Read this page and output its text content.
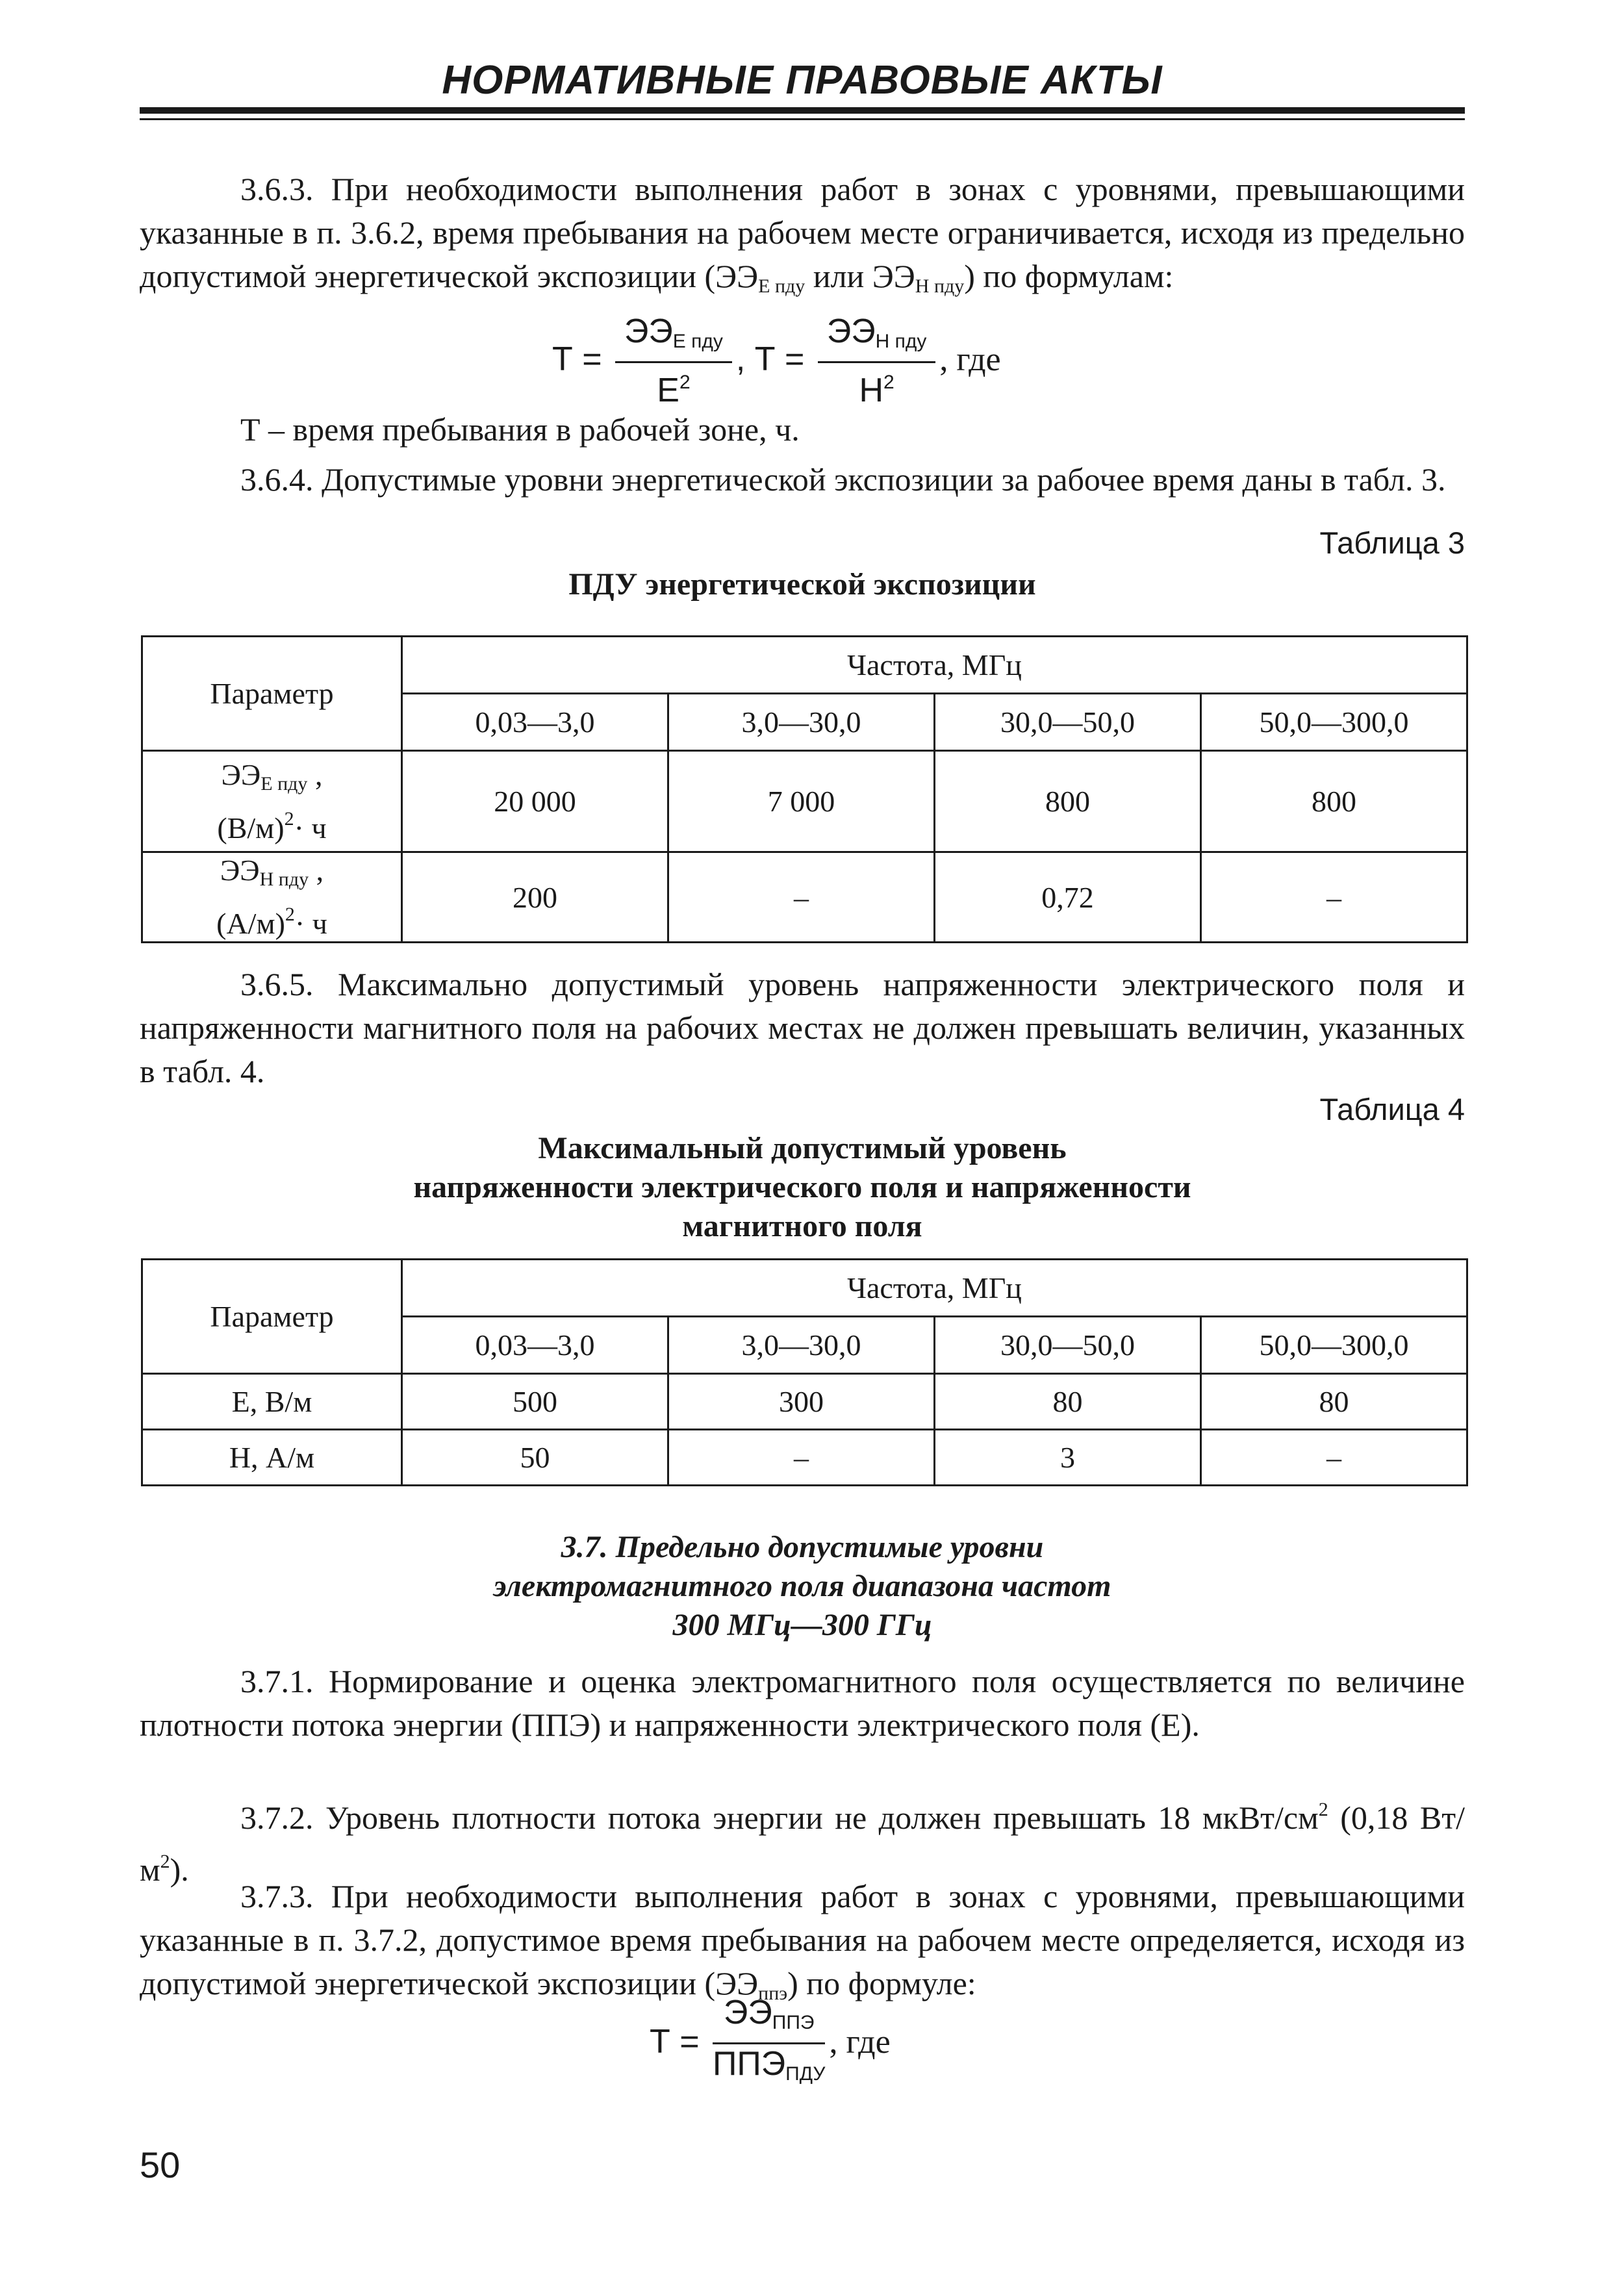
НОРМАТИВНЫЕ ПРАВОВЫЕ АКТЫ

3.6.3. При необходимости выполнения работ в зонах с уровнями, превышающими указанные в п. 3.6.2, время пребывания на рабочем месте ограничивается, исходя из предельно допустимой энергетической экспозиции ($ЭЭ_{Е пду}$ или $ЭЭ_{Н пду}$) по формулам:

$Т = \frac{ЭЭ_{Е пду}}{Е^2}$ , $Т = \frac{ЭЭ_{Н пду}}{Н^2}$ , где

Т – время пребывания в рабочей зоне, ч.

3.6.4. Допустимые уровни энергетической экспозиции за рабочее время даны в табл. 3.

Таблица 3
ПДУ энергетической экспозиции
Параметр	Частота, МГц			
	0,03—3,0	3,0—30,0	30,0—50,0	50,0—300,0
$ЭЭ_{Е пду}$ ,
$(В/м)^2\cdot ч$	20 000	7 000	800	800
$ЭЭ_{Н пду}$ ,
$(А/м)^2\cdot ч$	200	–	0,72	–

3.6.5. Максимально допустимый уровень напряженности электрического поля и напряженности магнитного поля на рабочих местах не должен превышать величин, указанных в табл. 4.

Таблица 4
Максимальный допустимый уровень
напряженности электрического поля и напряженности
магнитного поля
Параметр	Частота, МГц			
	0,03—3,0	3,0—30,0	30,0—50,0	50,0—300,0
Е, В/м	500	300	80	80
Н, А/м	50	–	3	–
3.7. Предельно допустимые уровни
электромагнитного поля диапазона частот
300 МГц—300 ГГц

3.7.1. Нормирование и оценка электромагнитного поля осуществляется по величине плотности потока энергии (ППЭ) и напряженности электрического поля (Е).

3.7.2. Уровень плотности потока энергии не должен превышать 18 мкВт/$см^2$ (0,18 $Вт/м^2$).

3.7.3. При необходимости выполнения работ в зонах с уровнями, превышающими указанные в п. 3.7.2, допустимое время пребывания на рабочем месте определяется, исходя из допустимой энергетической экспозиции $(ЭЭ_{ппэ})$ по формуле:

$Т = \frac{ЭЭ_{ППЭ}}{ППЭ_{ПДУ}}$ , где
50
